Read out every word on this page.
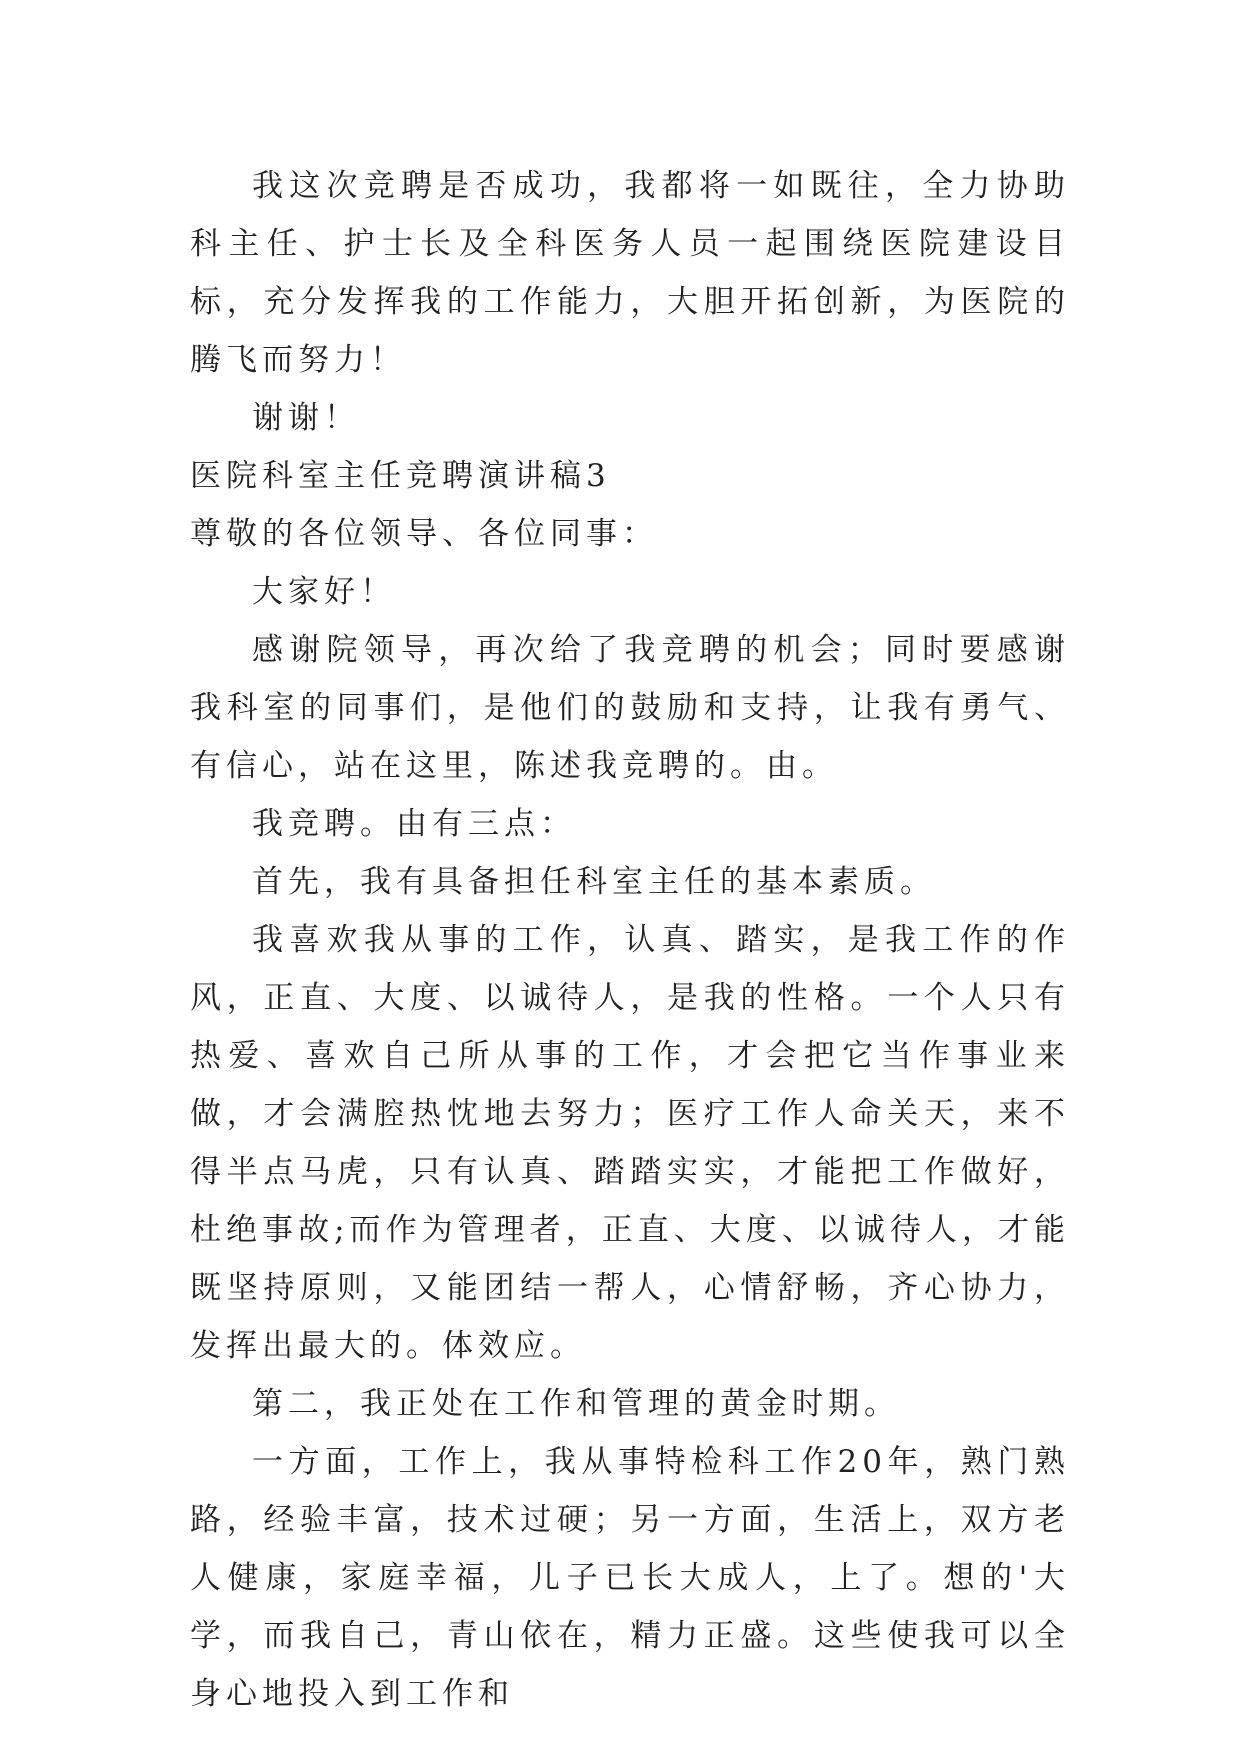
我这次竞聘是否成功，我都将一如既往，全力协助科主任、护士长及全科医务人员一起围绕医院建设目标，充分发挥我的工作能力，大胆开拓创新，为医院的腾飞而努力！

谢谢！

医院科室主任竞聘演讲稿3

尊敬的各位领导、各位同事：

大家好！

感谢院领导，再次给了我竞聘的机会；同时要感谢我科室的同事们，是他们的鼓励和支持，让我有勇气、有信心，站在这里，陈述我竞聘的。由。

我竞聘。由有三点：

首先，我有具备担任科室主任的基本素质。

我喜欢我从事的工作，认真、踏实，是我工作的作风，正直、大度、以诚待人，是我的性格。一个人只有热爱、喜欢自己所从事的工作，才会把它当作事业来做，才会满腔热忱地去努力；医疗工作人命关天，来不得半点马虎，只有认真、踏踏实实，才能把工作做好，杜绝事故;而作为管理者，正直、大度、以诚待人，才能既坚持原则，又能团结一帮人，心情舒畅，齐心协力，发挥出最大的。体效应。

第二，我正处在工作和管理的黄金时期。

一方面，工作上，我从事特检科工作20年，熟门熟路，经验丰富，技术过硬；另一方面，生活上，双方老人健康，家庭幸福，儿子已长大成人，上了。想的'大学，而我自己，青山依在，精力正盛。这些使我可以全身心地投入到工作和
